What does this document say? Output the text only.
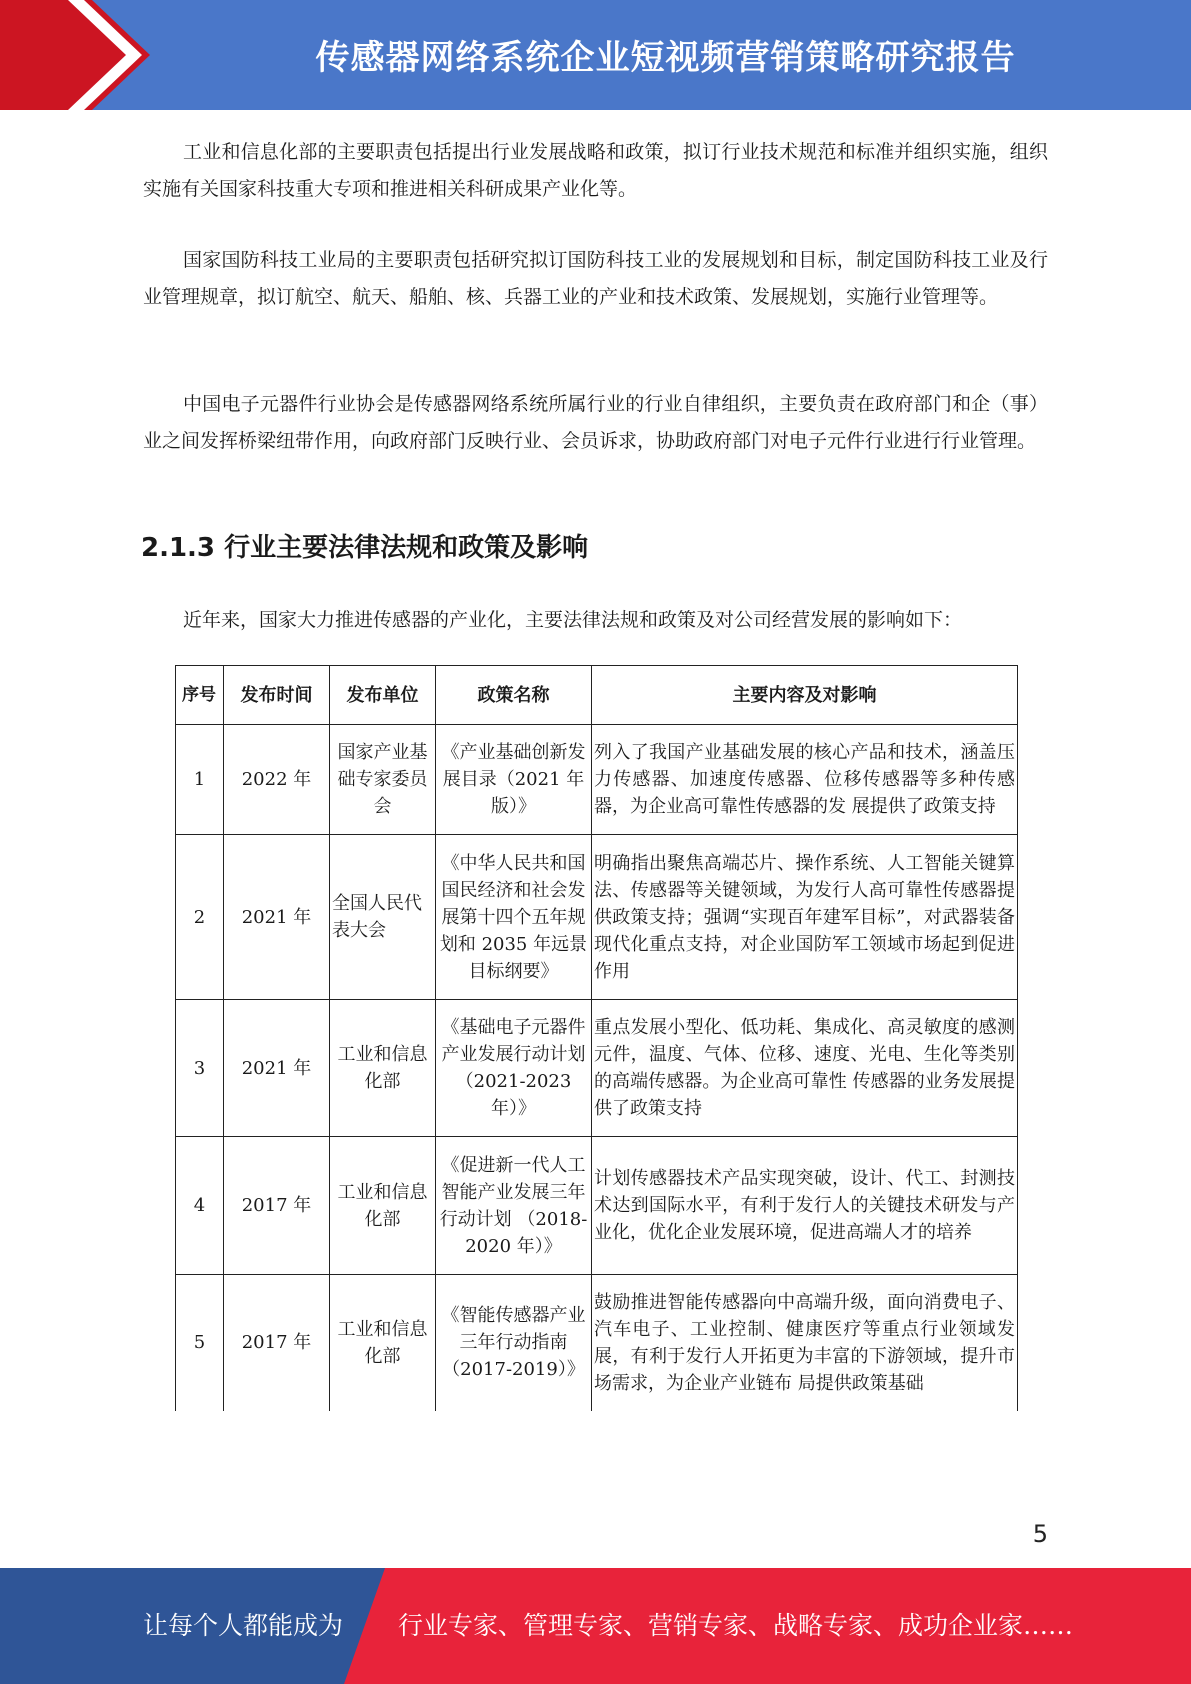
传感器网络系统企业短视频营销策略研究报告

工业和信息化部的主要职责包括提出行业发展战略和政策，拟订行业技术规范和标准并组织实施，组织实施有关国家科技重大专项和推进相关科研成果产业化等。

国家国防科技工业局的主要职责包括研究拟订国防科技工业的发展规划和目标，制定国防科技工业及行业管理规章，拟订航空、航天、船舶、核、兵器工业的产业和技术政策、发展规划，实施行业管理等。

中国电子元器件行业协会是传感器网络系统所属行业的行业自律组织，主要负责在政府部门和企（事）业之间发挥桥梁纽带作用，向政府部门反映行业、会员诉求，协助政府部门对电子元件行业进行行业管理。

2.1.3 行业主要法律法规和政策及影响

近年来，国家大力推进传感器的产业化，主要法律法规和政策及对公司经营发展的影响如下：

序号	发布时间	发布单位	政策名称	主要内容及对影响
1	2022 年	国家产业基础专家委员会	《产业基础创新发展目录（2021 年版）》	列入了我国产业基础发展的核心产品和技术，涵盖压力传感器、加速度传感器、位移传感器等多种传感器，为企业高可靠性传感器的发 展提供了政策支持
2	2021 年	全国人民代表大会	《中华人民共和国国民经济和社会发展第十四个五年规划和 2035 年远景目标纲要》	明确指出聚焦高端芯片、操作系统、人工智能关键算法、传感器等关键领域，为发行人高可靠性传感器提供政策支持；强调“实现百年建军目标”，对武器装备现代化重点支持，对企业国防军工领域市场起到促进作用
3	2021 年	工业和信息化部	《基础电子元器件产业发展行动计划 （2021-2023 年）》	重点发展小型化、低功耗、集成化、高灵敏度的感测元件，温度、气体、位移、速度、光电、生化等类别的高端传感器。为企业高可靠性 传感器的业务发展提供了政策支持
4	2017 年	工业和信息化部	《促进新一代人工智能产业发展三年行动计划 （2018-2020 年）》	计划传感器技术产品实现突破，设计、代工、封测技术达到国际水平，有利于发行人的关键技术研发与产业化，优化企业发展环境，促进高端人才的培养
5	2017 年	工业和信息化部	《智能传感器产业三年行动指南 （2017-2019）》	鼓励推进智能传感器向中高端升级，面向消费电子、汽车电子、工业控制、健康医疗等重点行业领域发展，有利于发行人开拓更为丰富的下游领域，提升市场需求，为企业产业链布 局提供政策基础
5
让每个人都能成为 行业专家、管理专家、营销专家、战略专家、成功企业家……
